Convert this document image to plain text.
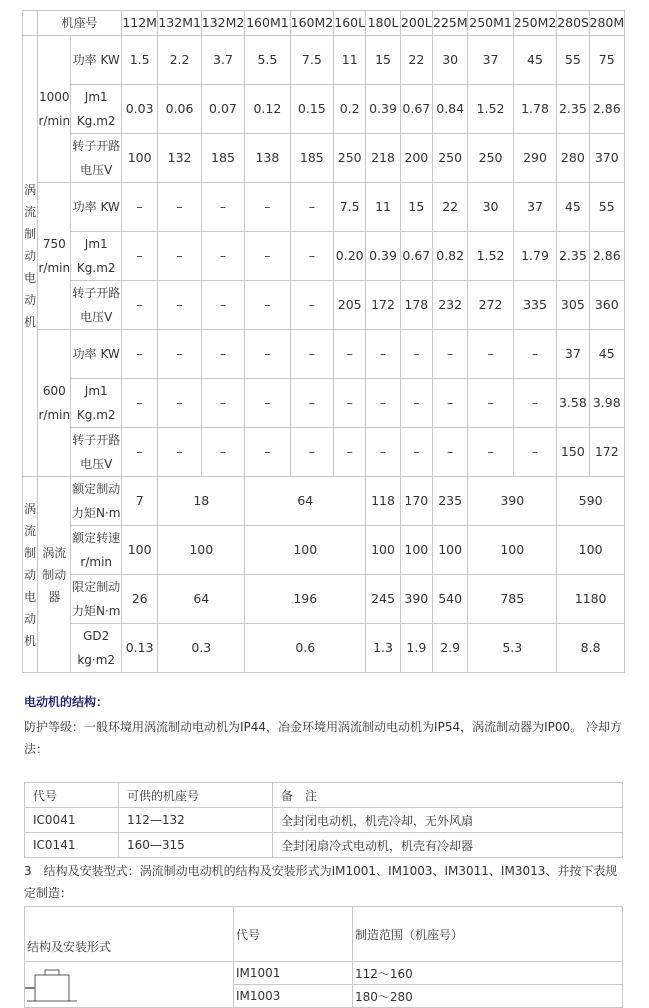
	机座号		112M	132M1	132M2	160M1	160M2	160L	180L	200L	225M	250M1	250M2	280S	280M
涡流制动电动机	1000 r/min	功率 KW	1.5	2.2	3.7	5.5	7.5	11	15	22	30	37	45	55	75
		Jm1 Kg.m2	0.03	0.06	0.07	0.12	0.15	0.2	0.39	0.67	0.84	1.52	1.78	2.35	2.86
		转子开路电压V	100	132	185	138	185	250	218	200	250	250	290	280	370
	750 r/min	功率 KW	–	–	–	–	–	7.5	11	15	22	30	37	45	55
		Jm1 Kg.m2	–	–	–	–	–	0.20	0.39	0.67	0.82	1.52	1.79	2.35	2.86
		转子开路电压V	–	–	–	–	–	205	172	178	232	272	335	305	360
	600 r/min	功率 KW	–	–	–	–	–	–	–	–	–	–	–	37	45
		Jm1 Kg.m2	–	–	–	–	–	–	–	–	–	–	–	3.58	3.98
		转子开路电压V	–	–	–	–	–	–	–	–	–	–	–	150	172
涡流制动电动机	涡流制动器	额定制动力矩N·m	7	18		64			118	170	235	390		590	
		额定转速r/min	100	100		100			100	100	100	100		100	
		限定制动力矩N·m	26	64		196			245	390	540	785		1180	
		GD2 kg·m2	0.13	0.3		0.6			1.3	1.9	2.9	5.3		8.8	
电动机的结构：
防护等级：一般环境用涡流制动电动机为IP44，冶金环境用涡流制动电动机为IP54，涡流制动器为IP00。 冷却方法：
代号	可供的机座号	备　注
IC0041	112—132	全封闭电动机，机壳冷却，无外风扇
IC0141	160—315	全封闭扇冷式电动机，机壳有冷却器
3　结构及安装型式：涡流制动电动机的结构及安装形式为IM1001、IM1003、IM3011、IM3013、并按下表规定制造：
结构及安装形式	代号	制造范围（机座号）

	IM1001	112～160
	IM1003	180～280
